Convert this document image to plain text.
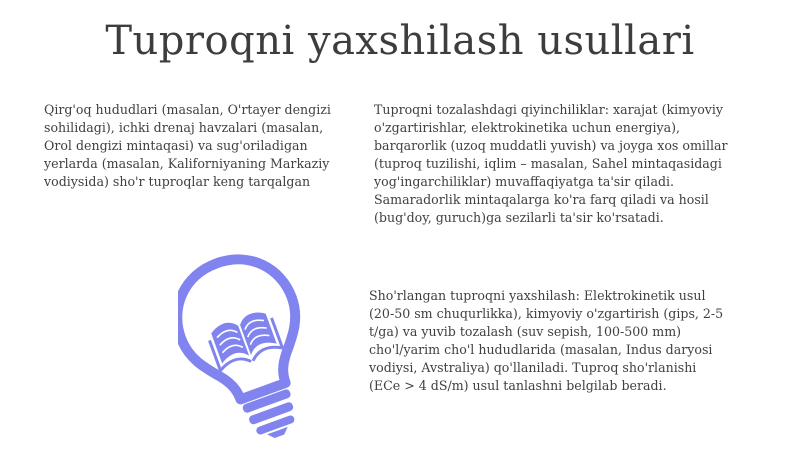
Tuproqni yaxshilash usullari

Qirg'oq hududlari (masalan, O'rtayer dengizi sohilidagi), ichki drenaj havzalari (masalan, Orol dengizi mintaqasi) va sug'oriladigan yerlarda (masalan, Kaliforniyaning Markaziy vodiysida) sho'r tuproqlar keng tarqalgan

Tuproqni tozalashdagi qiyinchiliklar: xarajat (kimyoviy o'zgartirishlar, elektrokinetika uchun energiya), barqarorlik (uzoq muddatli yuvish) va joyga xos omillar (tuproq tuzilishi, iqlim – masalan, Sahel mintaqasidagi yog'ingarchiliklar) muvaffaqiyatga ta'sir qiladi. Samaradorlik mintaqalarga ko'ra farq qiladi va hosil (bug'doy, guruch)ga sezilarli ta'sir ko'rsatadi.

Sho'rlangan tuproqni yaxshilash: Elektrokinetik usul (20-50 sm chuqurlikka), kimyoviy o'zgartirish (gips, 2-5 t/ga) va yuvib tozalash (suv sepish, 100-500 mm) cho'l/yarim cho'l hududlarida (masalan, Indus daryosi vodiysi, Avstraliya) qo'llaniladi. Tuproq sho'rlanishi (ECe > 4 dS/m) usul tanlashni belgilab beradi.
